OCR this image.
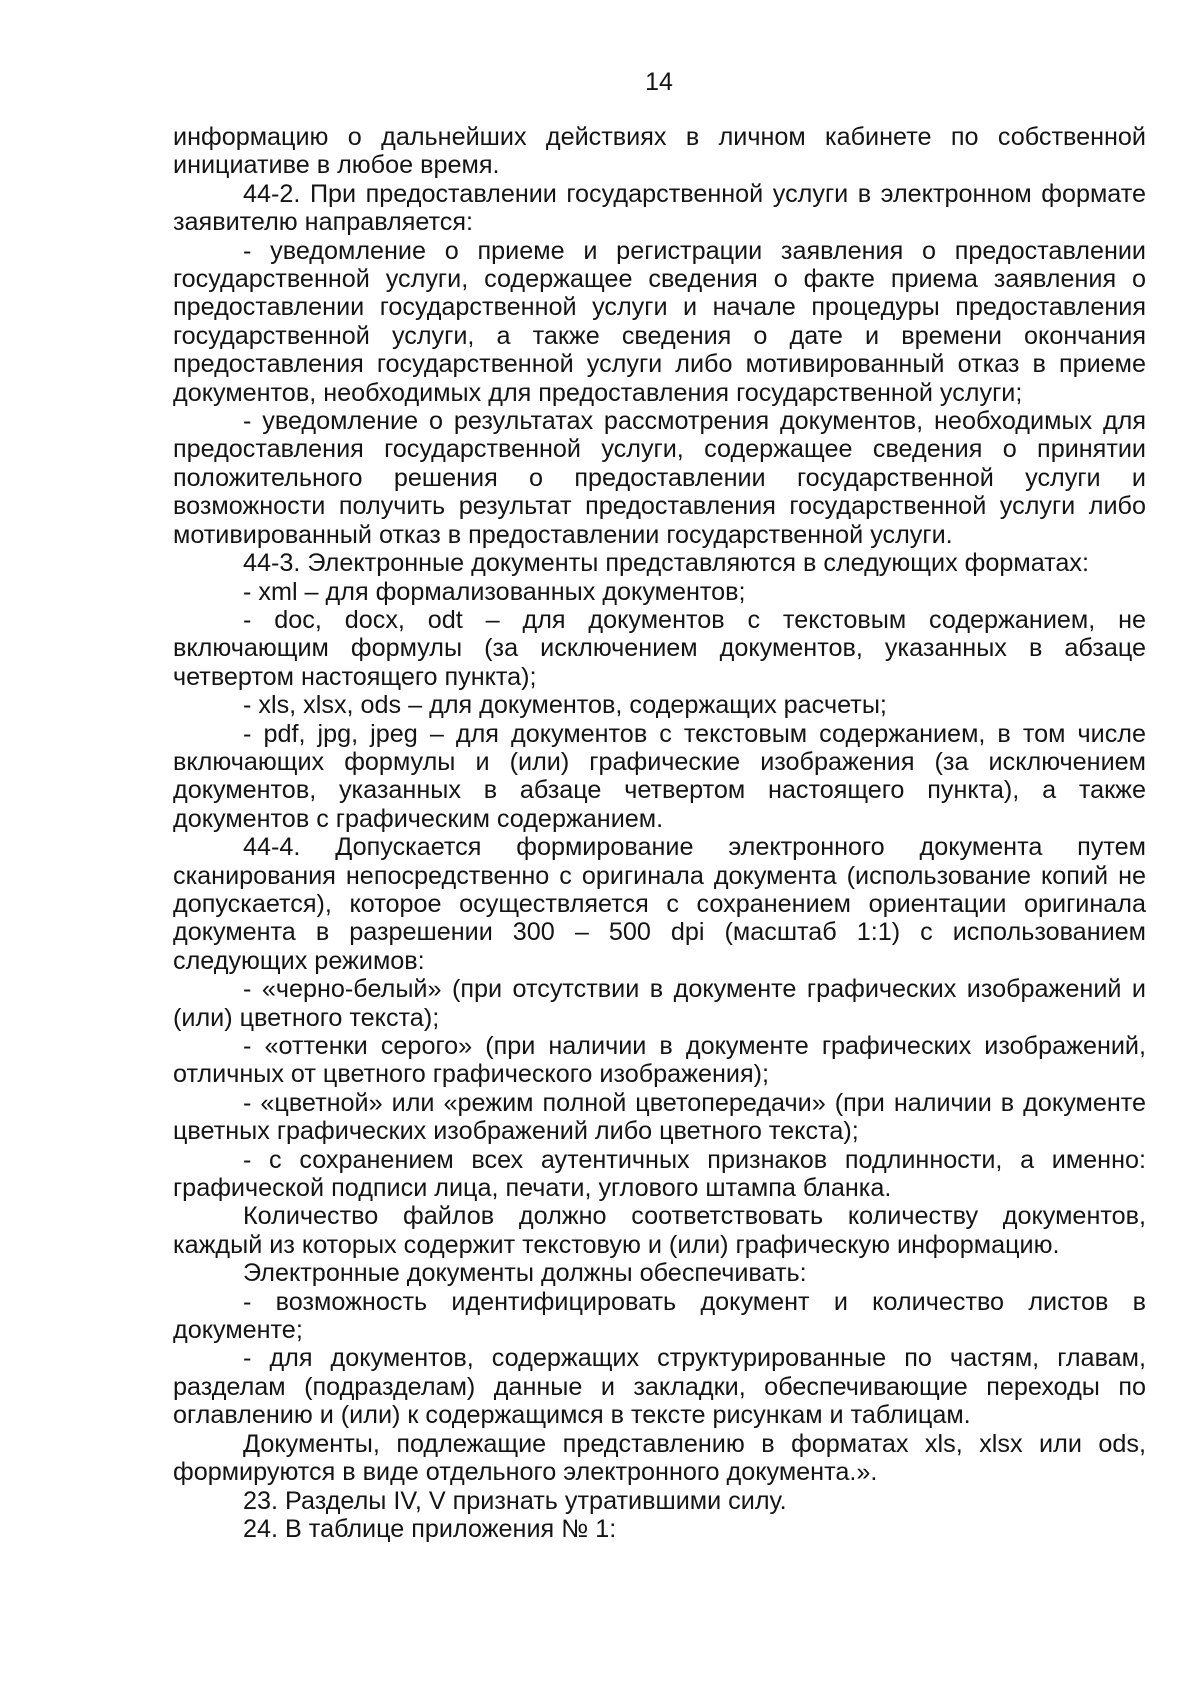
14

информацию о дальнейших действиях в личном кабинете по собственной инициативе в любое время.

44-2. При предоставлении государственной услуги в электронном формате заявителю направляется:

- уведомление о приеме и регистрации заявления о предоставлении государственной услуги, содержащее сведения о факте приема заявления о предоставлении государственной услуги и начале процедуры предоставления государственной услуги, а также сведения о дате и времени окончания предоставления государственной услуги либо мотивированный отказ в приеме документов, необходимых для предоставления государственной услуги;

- уведомление о результатах рассмотрения документов, необходимых для предоставления государственной услуги, содержащее сведения о принятии положительного решения о предоставлении государственной услуги и возможности получить результат предоставления государственной услуги либо мотивированный отказ в предоставлении государственной услуги.

44-3. Электронные документы представляются в следующих форматах:

- xml – для формализованных документов;

- doc, docx, odt – для документов с текстовым содержанием, не включающим формулы (за исключением документов, указанных в абзаце четвертом настоящего пункта);

- xls, xlsx, ods – для документов, содержащих расчеты;

- pdf, jpg, jpeg – для документов с текстовым содержанием, в том числе включающих формулы и (или) графические изображения (за исключением документов, указанных в абзаце четвертом настоящего пункта), а также документов с графическим содержанием.

44-4. Допускается формирование электронного документа путем сканирования непосредственно с оригинала документа (использование копий не допускается), которое осуществляется с сохранением ориентации оригинала документа в разрешении 300 – 500 dpi (масштаб 1:1) с использованием следующих режимов:

- «черно-белый» (при отсутствии в документе графических изображений и (или) цветного текста);

- «оттенки серого» (при наличии в документе графических изображений, отличных от цветного графического изображения);

- «цветной» или «режим полной цветопередачи» (при наличии в документе цветных графических изображений либо цветного текста);

- с сохранением всех аутентичных признаков подлинности, а именно: графической подписи лица, печати, углового штампа бланка.

Количество файлов должно соответствовать количеству документов, каждый из которых содержит текстовую и (или) графическую информацию.

Электронные документы должны обеспечивать:

- возможность идентифицировать документ и количество листов в документе;

- для документов, содержащих структурированные по частям, главам, разделам (подразделам) данные и закладки, обеспечивающие переходы по оглавлению и (или) к содержащимся в тексте рисункам и таблицам.

Документы, подлежащие представлению в форматах xls, xlsx или ods, формируются в виде отдельного электронного документа.».

23. Разделы IV, V признать утратившими силу.

24. В таблице приложения № 1:
